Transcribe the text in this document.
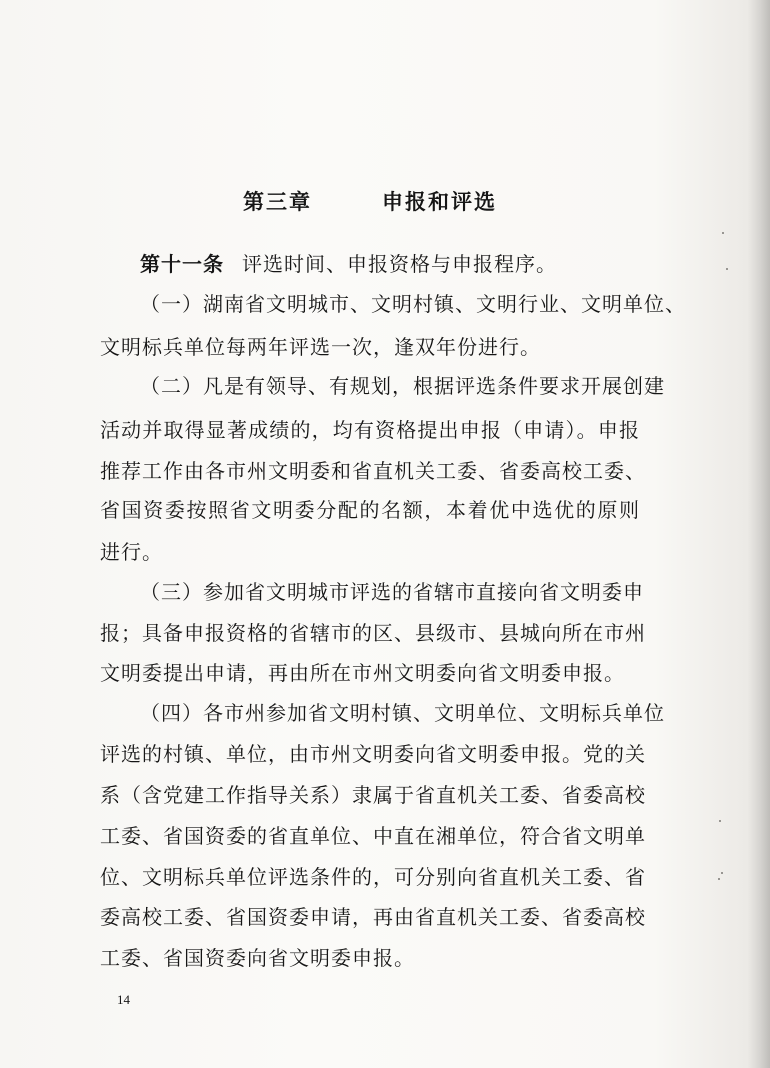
第三章   申报和评选
第十一条 评选时间、申报资格与申报程序。
（一）湖南省文明城市、文明村镇、文明行业、文明单位、
文明标兵单位每两年评选一次，逢双年份进行。
（二）凡是有领导、有规划，根据评选条件要求开展创建
活动并取得显著成绩的，均有资格提出申报（申请）。申报
推荐工作由各市州文明委和省直机关工委、省委高校工委、
省国资委按照省文明委分配的名额，本着优中选优的原则
进行。
（三）参加省文明城市评选的省辖市直接向省文明委申
报；具备申报资格的省辖市的区、县级市、县城向所在市州
文明委提出申请，再由所在市州文明委向省文明委申报。
（四）各市州参加省文明村镇、文明单位、文明标兵单位
评选的村镇、单位，由市州文明委向省文明委申报。党的关
系（含党建工作指导关系）隶属于省直机关工委、省委高校
工委、省国资委的省直单位、中直在湘单位，符合省文明单
位、文明标兵单位评选条件的，可分别向省直机关工委、省
委高校工委、省国资委申请，再由省直机关工委、省委高校
工委、省国资委向省文明委申报。
14
